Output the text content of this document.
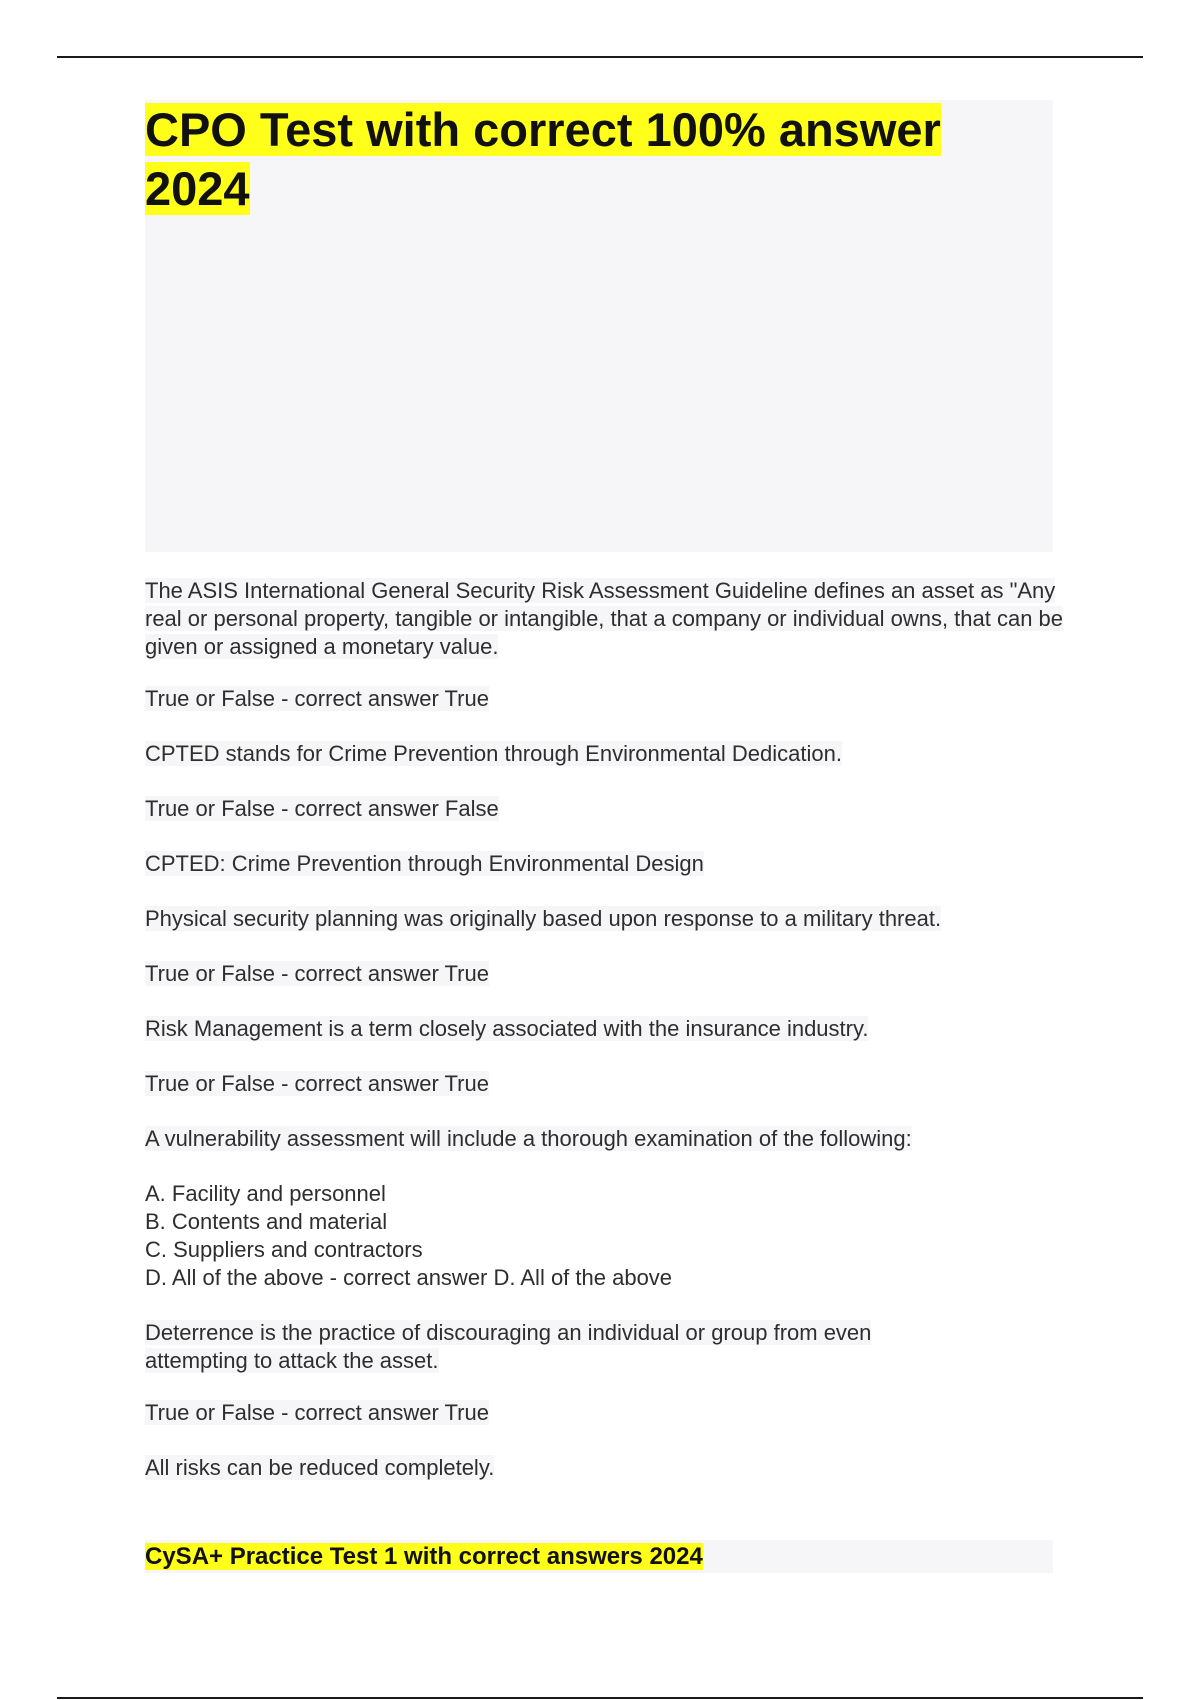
CPO Test with correct 100% answer 2024

The ASIS International General Security Risk Assessment Guideline defines an asset as "Any real or personal property, tangible or intangible, that a company or individual owns, that can be given or assigned a monetary value.

True or False - correct answer True

CPTED stands for Crime Prevention through Environmental Dedication.

True or False - correct answer False

CPTED: Crime Prevention through Environmental Design

Physical security planning was originally based upon response to a military threat.

True or False - correct answer True

Risk Management is a term closely associated with the insurance industry.

True or False - correct answer True

A vulnerability assessment will include a thorough examination of the following:

A. Facility and personnel

B. Contents and material

C. Suppliers and contractors

D. All of the above - correct answer D. All of the above

Deterrence is the practice of discouraging an individual or group from even attempting to attack the asset.

True or False - correct answer True

All risks can be reduced completely.

CySA+ Practice Test 1 with correct answers 2024
